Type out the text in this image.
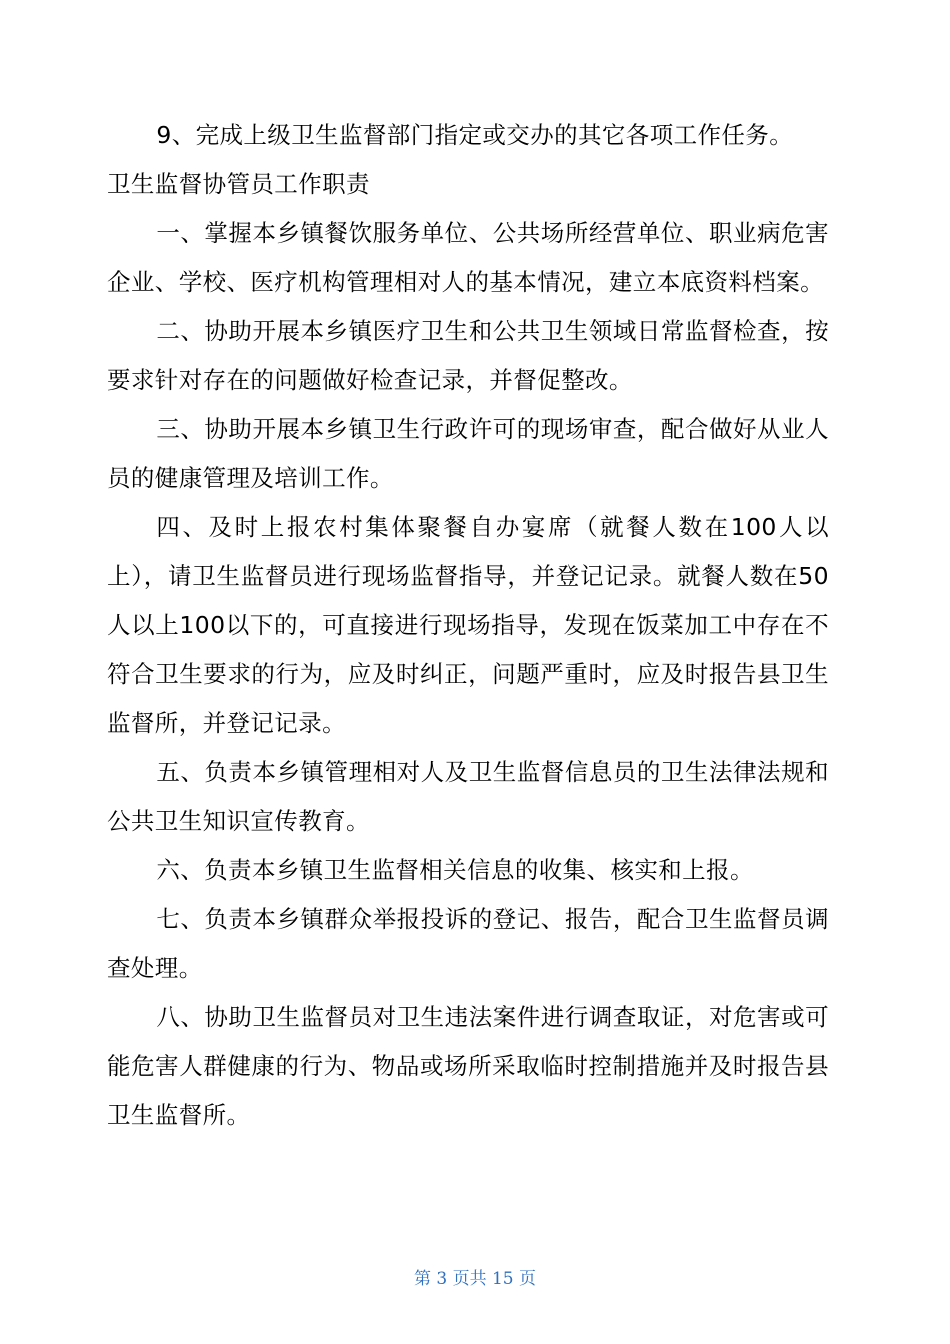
9、完成上级卫生监督部门指定或交办的其它各项工作任务。

卫生监督协管员工作职责

一、掌握本乡镇餐饮服务单位、公共场所经营单位、职业病危害企业、学校、医疗机构管理相对人的基本情况，建立本底资料档案。

二、协助开展本乡镇医疗卫生和公共卫生领域日常监督检查，按要求针对存在的问题做好检查记录，并督促整改。

三、协助开展本乡镇卫生行政许可的现场审查，配合做好从业人员的健康管理及培训工作。

四、及时上报农村集体聚餐自办宴席（就餐人数在100人以上），请卫生监督员进行现场监督指导，并登记记录。就餐人数在50人以上100以下的，可直接进行现场指导，发现在饭菜加工中存在不符合卫生要求的行为，应及时纠正，问题严重时，应及时报告县卫生监督所，并登记记录。

五、负责本乡镇管理相对人及卫生监督信息员的卫生法律法规和公共卫生知识宣传教育。

六、负责本乡镇卫生监督相关信息的收集、核实和上报。

七、负责本乡镇群众举报投诉的登记、报告，配合卫生监督员调查处理。

八、协助卫生监督员对卫生违法案件进行调查取证，对危害或可能危害人群健康的行为、物品或场所采取临时控制措施并及时报告县卫生监督所。

第 3 页共 15 页
